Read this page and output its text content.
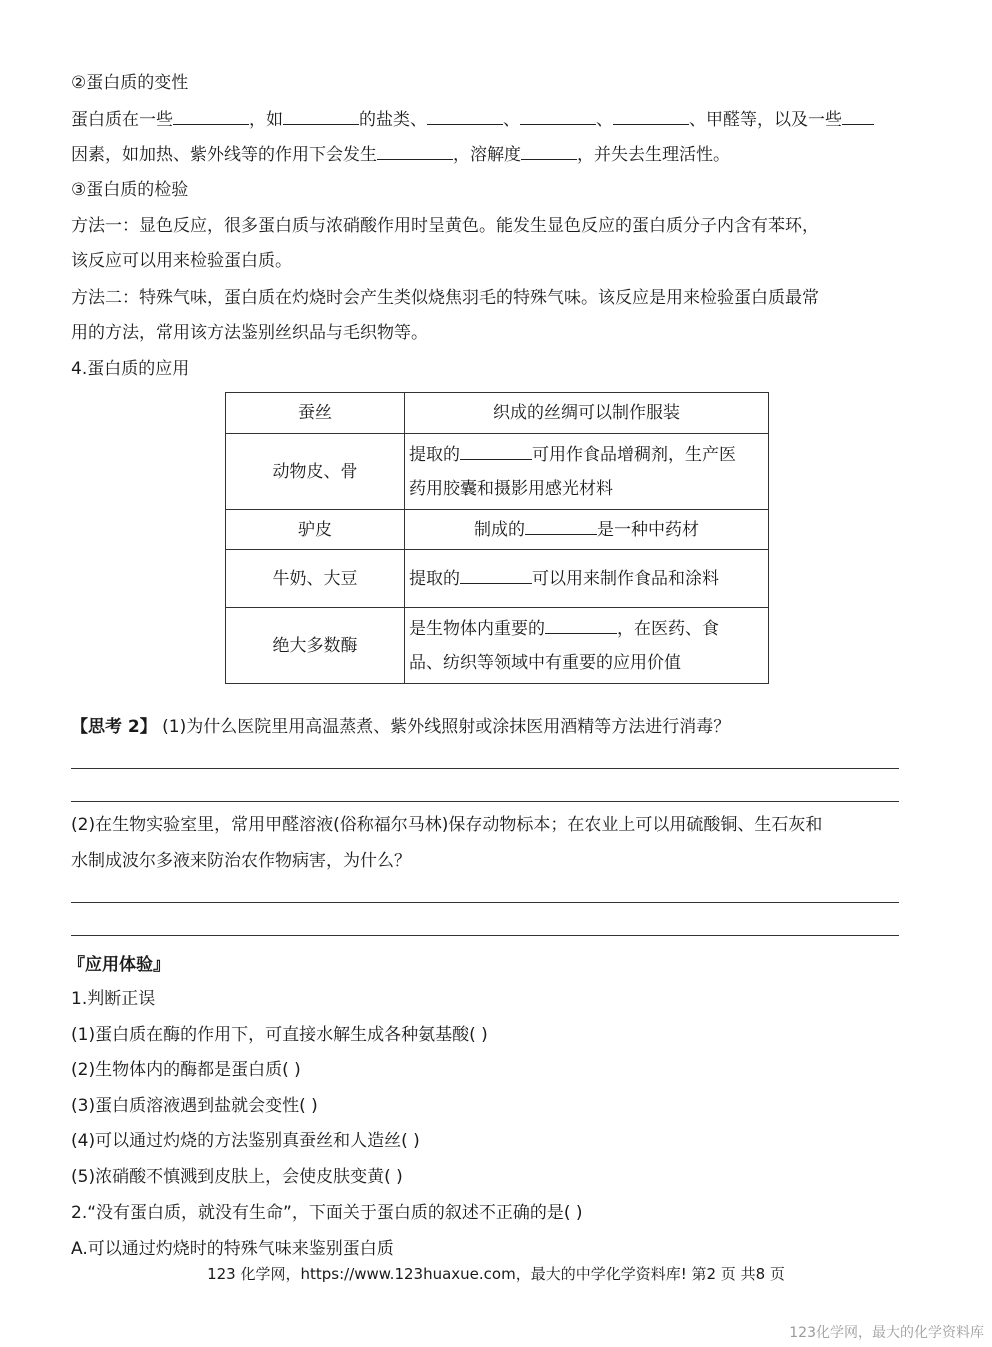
②蛋白质的变性
蛋白质在一些	，如	的盐类、	、	、	、甲醛等，以及一些
因素，如加热、紫外线等的作用下会发生	，溶解度	，并失去生理活性。
③蛋白质的检验
方法一：显色反应，很多蛋白质与浓硝酸作用时呈黄色。能发生显色反应的蛋白质分子内含有苯环，
该反应可以用来检验蛋白质。
方法二：特殊气味，蛋白质在灼烧时会产生类似烧焦羽毛的特殊气味。该反应是用来检验蛋白质最常
用的方法，常用该方法鉴别丝织品与毛织物等。
4.蛋白质的应用
蚕丝	织成的丝绸可以制作服装
动物皮、骨	提取的 可用作食品增稠剂，生产医
药用胶囊和摄影用感光材料
驴皮	制成的 是一种中药材
牛奶、大豆	提取的 可以用来制作食品和涂料
绝大多数酶	是生物体内重要的 ，在医药、食
品、纺织等领域中有重要的应用价值
【思考 2】 (1)为什么医院里用高温蒸煮、紫外线照射或涂抹医用酒精等方法进行消毒？
(2)在生物实验室里，常用甲醛溶液(俗称福尔马林)保存动物标本；在农业上可以用硫酸铜、生石灰和
水制成波尔多液来防治农作物病害，为什么？
『应用体验』
1.判断正误
(1)蛋白质在酶的作用下，可直接水解生成各种氨基酸( )
(2)生物体内的酶都是蛋白质( )
(3)蛋白质溶液遇到盐就会变性( )
(4)可以通过灼烧的方法鉴别真蚕丝和人造丝( )
(5)浓硝酸不慎溅到皮肤上，会使皮肤变黄( )
2.“没有蛋白质，就没有生命”，下面关于蛋白质的叙述不正确的是( )
A.可以通过灼烧时的特殊气味来鉴别蛋白质
123 化学网，https://www.123huaxue.com，最大的中学化学资料库! 第2 页 共8 页
123化学网，最大的化学资料库
